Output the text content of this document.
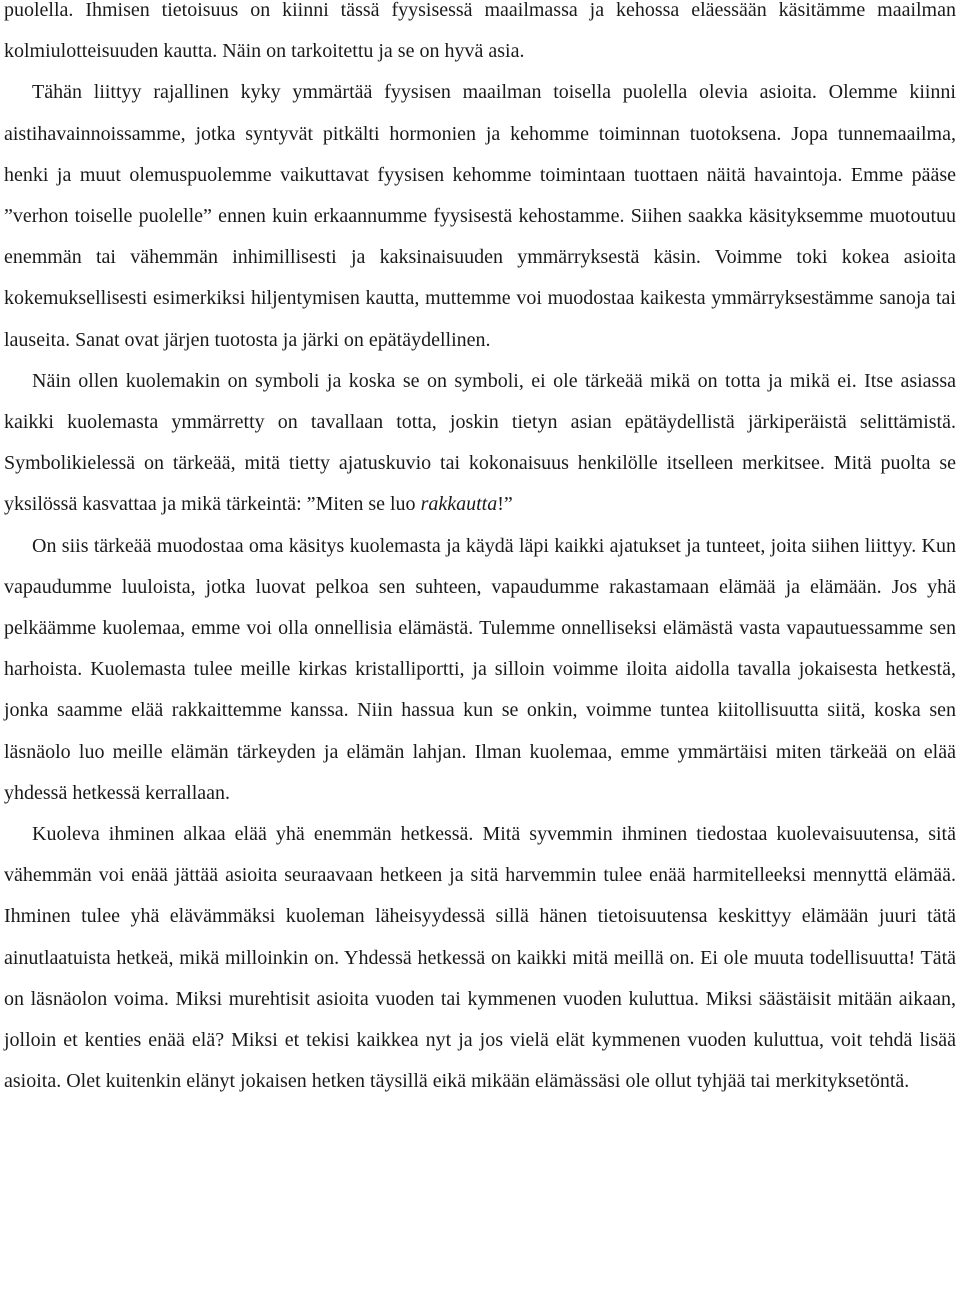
puolella. Ihmisen tietoisuus on kiinni tässä fyysisessä maailmassa ja kehossa eläessään käsitämme maailman kolmiulotteisuuden kautta. Näin on tarkoitettu ja se on hyvä asia.

Tähän liittyy rajallinen kyky ymmärtää fyysisen maailman toisella puolella olevia asioita. Olemme kiinni aistihavainnoissamme, jotka syntyvät pitkälti hormonien ja kehomme toiminnan tuotoksena. Jopa tunnemaailma, henki ja muut olemuspuolemme vaikuttavat fyysisen kehomme toimintaan tuottaen näitä havaintoja. Emme pääse ”verhon toiselle puolelle” ennen kuin erkaannumme fyysisestä kehostamme. Siihen saakka käsityksemme muotoutuu enemmän tai vähemmän inhimillisesti ja kaksinaisuuden ymmärryksestä käsin. Voimme toki kokea asioita kokemuksellisesti esimerkiksi hiljentymisen kautta, muttemme voi muodostaa kaikesta ymmärryksestämme sanoja tai lauseita. Sanat ovat järjen tuotosta ja järki on epätäydellinen.

Näin ollen kuolemakin on symboli ja koska se on symboli, ei ole tärkeää mikä on totta ja mikä ei. Itse asiassa kaikki kuolemasta ymmärretty on tavallaan totta, joskin tietyn asian epätäydellistä järkiperäistä selittämistä. Symbolikielessä on tärkeää, mitä tietty ajatuskuvio tai kokonaisuus henkilölle itselleen merkitsee. Mitä puolta se yksilössä kasvattaa ja mikä tärkeintä: ”Miten se luo rakkautta!”

On siis tärkeää muodostaa oma käsitys kuolemasta ja käydä läpi kaikki ajatukset ja tunteet, joita siihen liittyy. Kun vapaudumme luuloista, jotka luovat pelkoa sen suhteen, vapaudumme rakastamaan elämää ja elämään. Jos yhä pelkäämme kuolemaa, emme voi olla onnellisia elämästä. Tulemme onnelliseksi elämästä vasta vapautuessamme sen harhoista. Kuolemasta tulee meille kirkas kristalliportti, ja silloin voimme iloita aidolla tavalla jokaisesta hetkestä, jonka saamme elää rakkaittemme kanssa. Niin hassua kun se onkin, voimme tuntea kiitollisuutta siitä, koska sen läsnäolo luo meille elämän tärkeyden ja elämän lahjan. Ilman kuolemaa, emme ymmärtäisi miten tärkeää on elää yhdessä hetkessä kerrallaan.

Kuoleva ihminen alkaa elää yhä enemmän hetkessä. Mitä syvemmin ihminen tiedostaa kuolevaisuutensa, sitä vähemmän voi enää jättää asioita seuraavaan hetkeen ja sitä harvemmin tulee enää harmitelleeksi mennyttä elämää. Ihminen tulee yhä elävämmäksi kuoleman läheisyydessä sillä hänen tietoisuutensa keskittyy elämään juuri tätä ainutlaatuista hetkeä, mikä milloinkin on. Yhdessä hetkessä on kaikki mitä meillä on. Ei ole muuta todellisuutta! Tätä on läsnäolon voima. Miksi murehtisit asioita vuoden tai kymmenen vuoden kuluttua. Miksi säästäisit mitään aikaan, jolloin et kenties enää elä? Miksi et tekisi kaikkea nyt ja jos vielä elät kymmenen vuoden kuluttua, voit tehdä lisää asioita. Olet kuitenkin elänyt jokaisen hetken täysillä eikä mikään elämässäsi ole ollut tyhjää tai merkityksetöntä.
